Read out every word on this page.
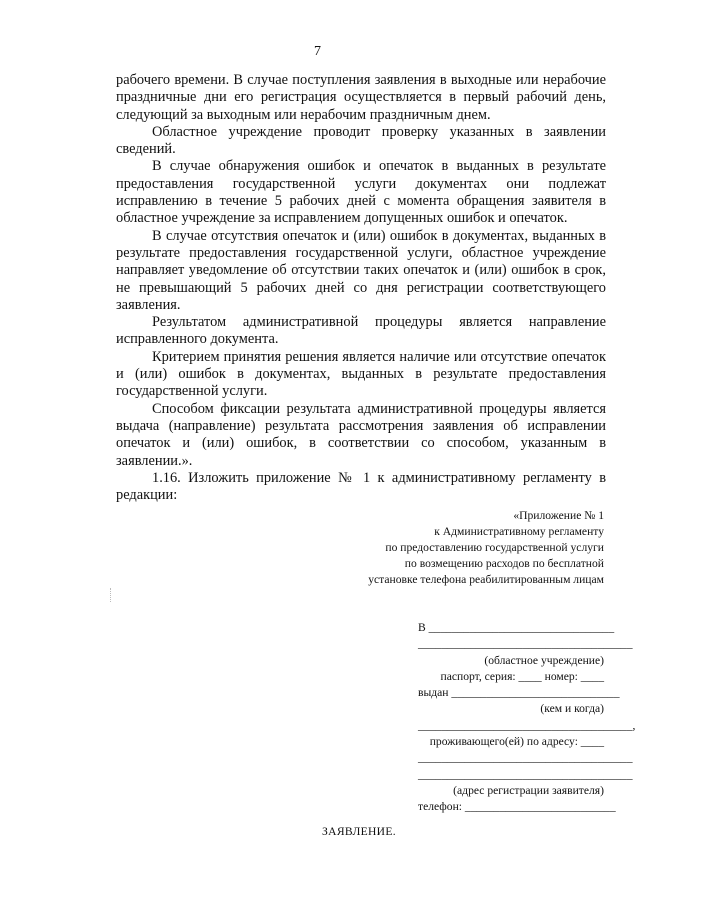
7

рабочего времени. В случае поступления заявления в выходные или нерабочие праздничные дни его регистрация осуществляется в первый рабочий день, следующий за выходным или нерабочим праздничным днем.

Областное учреждение проводит проверку указанных в заявлении сведений.

В случае обнаружения ошибок и опечаток в выданных в результате предоставления государственной услуги документах они подлежат исправлению в течение 5 рабочих дней с момента обращения заявителя в областное учреждение за исправлением допущенных ошибок и опечаток.

В случае отсутствия опечаток и (или) ошибок в документах, выданных в результате предоставления государственной услуги, областное учреждение направляет уведомление об отсутствии таких опечаток и (или) ошибок в срок, не превышающий 5 рабочих дней со дня регистрации соответствующего заявления.

Результатом административной процедуры является направление исправленного документа.

Критерием принятия решения является наличие или отсутствие опечаток и (или) ошибок в документах, выданных в результате предоставления государственной услуги.

Способом фиксации результата административной процедуры является выдача (направление) результата рассмотрения заявления об исправлении опечаток и (или) ошибок, в соответствии со способом, указанным в заявлении.».

1.16. Изложить приложение № 1 к административному регламенту в редакции:

«Приложение № 1
к Административному регламенту
по предоставлению государственной услуги
по возмещению расходов по бесплатной
установке телефона реабилитированным лицам
В ________________________________
_____________________________________
(областное учреждение)
паспорт, серия: ____ номер: ____
выдан _____________________________
(кем и когда)
_____________________________________,
проживающего(ей) по адресу: ____
_____________________________________
_____________________________________
(адрес регистрации заявителя)
телефон: __________________________
ЗАЯВЛЕНИЕ.
